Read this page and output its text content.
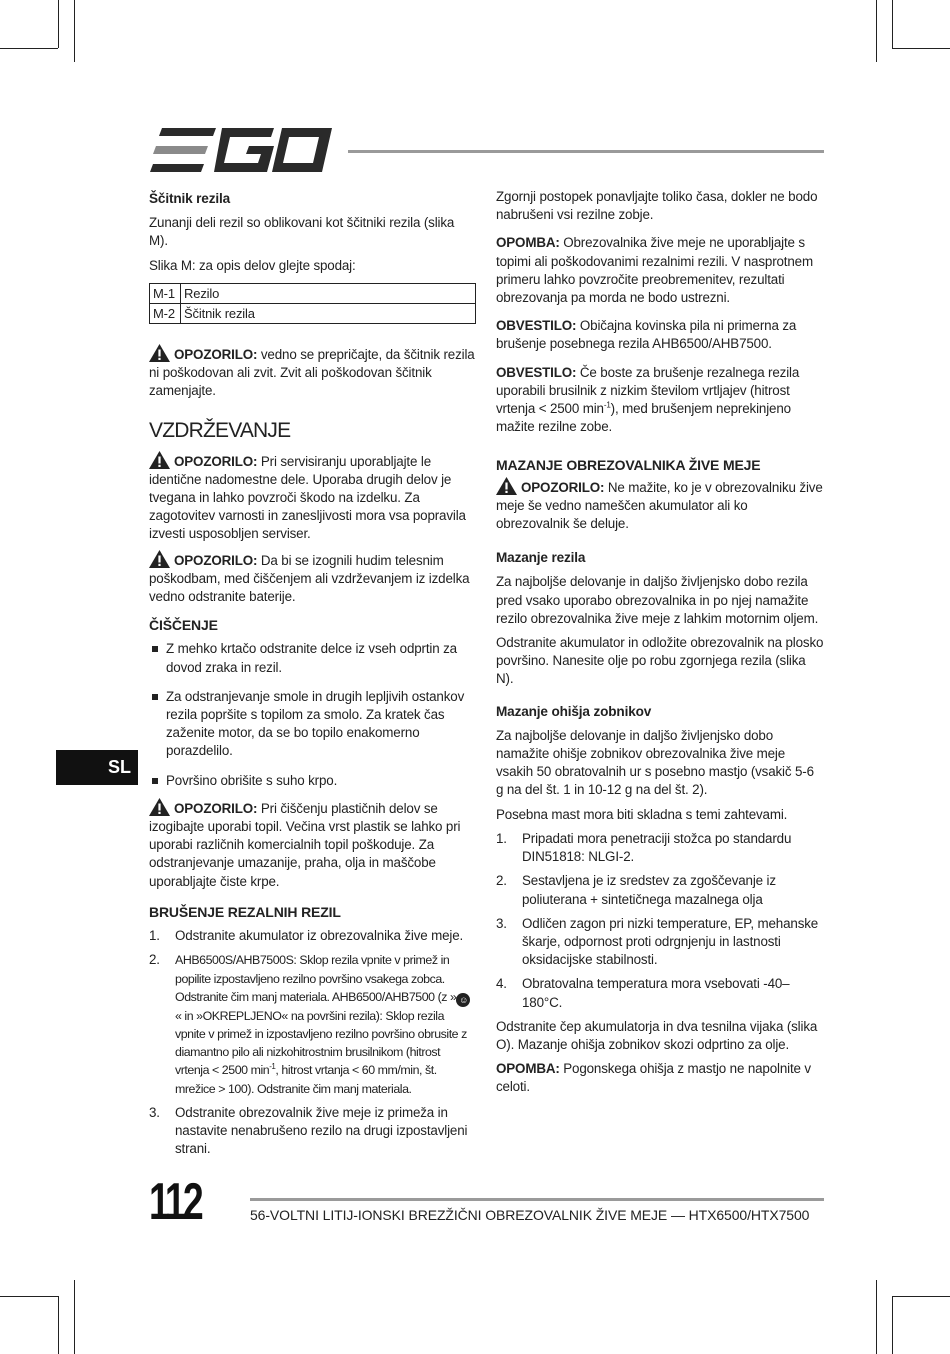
Ščitnik rezila

Zunanji deli rezil so oblikovani kot ščitniki rezila (slika M).

Slika M: za opis delov glejte spodaj:

M-1	Rezilo
M-2	Ščitnik rezila

OPOZORILO: vedno se prepričajte, da ščitnik rezila ni poškodovan ali zvit. Zvit ali poškodovan ščitnik zamenjajte.

VZDRŽEVANJE

OPOZORILO: Pri servisiranju uporabljajte le identične nadomestne dele. Uporaba drugih delov je tvegana in lahko povzroči škodo na izdelku. Za zagotovitev varnosti in zanesljivosti mora vsa popravila izvesti usposobljen serviser.

OPOZORILO: Da bi se izognili hudim telesnim poškodbam, med čiščenjem ali vzdrževanjem iz izdelka vedno odstranite baterije.

ČIŠČENJE
Z mehko krtačo odstranite delce iz vseh odprtin za dovod zraka in rezil.
Za odstranjevanje smole in drugih lepljivih ostankov rezila popršite s topilom za smolo. Za kratek čas zaženite motor, da se bo topilo enakomerno porazdelilo.
Površino obrišite s suho krpo.

OPOZORILO: Pri čiščenju plastičnih delov se izogibajte uporabi topil. Večina vrst plastik se lahko pri uporabi različnih komercialnih topil poškoduje. Za odstranjevanje umazanije, praha, olja in maščobe uporabljajte čiste krpe.

BRUŠENJE REZALNIH REZIL
1. Odstranite akumulator iz obrezovalnika žive meje.
2. AHB6500S/AHB7500S: Sklop rezila vpnite v primež in popilite izpostavljeno rezilno površino vsakega zobca. Odstranite čim manj materiala. AHB6500/AHB7500 (z » ☺« in »OKREPLJENO« na površini rezila): Sklop rezila vpnite v primež in izpostavljeno rezilno površino obrusite z diamantno pilo ali nizkohitrostnim brusilnikom (hitrost vrtenja < 2500 $\min^{-1}$, hitrost vrtanja < 60 mm/min, št. mrežice > 100). Odstranite čim manj materiala.
3. Odstranite obrezovalnik žive meje iz primeža in nastavite nenabrušeno rezilo na drugi izpostavljeni strani.

Zgornji postopek ponavljajte toliko časa, dokler ne bodo nabrušeni vsi rezilne zobje.

OPOMBA: Obrezovalnika žive meje ne uporabljajte s topimi ali poškodovanimi rezalnimi rezili. V nasprotnem primeru lahko povzročite preobremenitev, rezultati obrezovanja pa morda ne bodo ustrezni.

OBVESTILO: Običajna kovinska pila ni primerna za brušenje posebnega rezila AHB6500/AHB7500.

OBVESTILO: Če boste za brušenje rezalnega rezila uporabili brusilnik z nizkim številom vrtljajev (hitrost vrtenja < 2500 $\min^{-1}$), med brušenjem neprekinjeno mažite rezilne zobe.

MAZANJE OBREZOVALNIKA ŽIVE MEJE

OPOZORILO: Ne mažite, ko je v obrezovalniku žive meje še vedno nameščen akumulator ali ko obrezovalnik še deluje.

Mazanje rezila

Za najboljše delovanje in daljšo življenjsko dobo rezila pred vsako uporabo obrezovalnika in po njej namažite rezilo obrezovalnika žive meje z lahkim motornim oljem.

Odstranite akumulator in odložite obrezovalnik na plosko površino. Nanesite olje po robu zgornjega rezila (slika N).

Mazanje ohišja zobnikov

Za najboljše delovanje in daljšo življenjsko dobo namažite ohišje zobnikov obrezovalnika žive meje vsakih 50 obratovalnih ur s posebno mastjo (vsakič 5-6 g na del št. 1 in 10-12 g na del št. 2).

Posebna mast mora biti skladna s temi zahtevami.

1. Pripadati mora penetraciji stožca po standardu DIN51818: NLGI-2.
2. Sestavljena je iz sredstev za zgoščevanje iz poliuterana + sintetičnega mazalnega olja
3. Odličen zagon pri nizki temperature, EP, mehanske škarje, odpornost proti odrgnjenju in lastnosti oksidacijske stabilnosti.
4. Obratovalna temperatura mora vsebovati -40–180°C.

Odstranite čep akumulatorja in dva tesnilna vijaka (slika O). Mazanje ohišja zobnikov skozi odprtino za olje.

OPOMBA: Pogonskega ohišja z mastjo ne napolnite v celoti.

SL
112	56-VOLTNI LITIJ-IONSKI BREZŽIČNI OBREZOVALNIK ŽIVE MEJE — HTX6500/HTX7500
